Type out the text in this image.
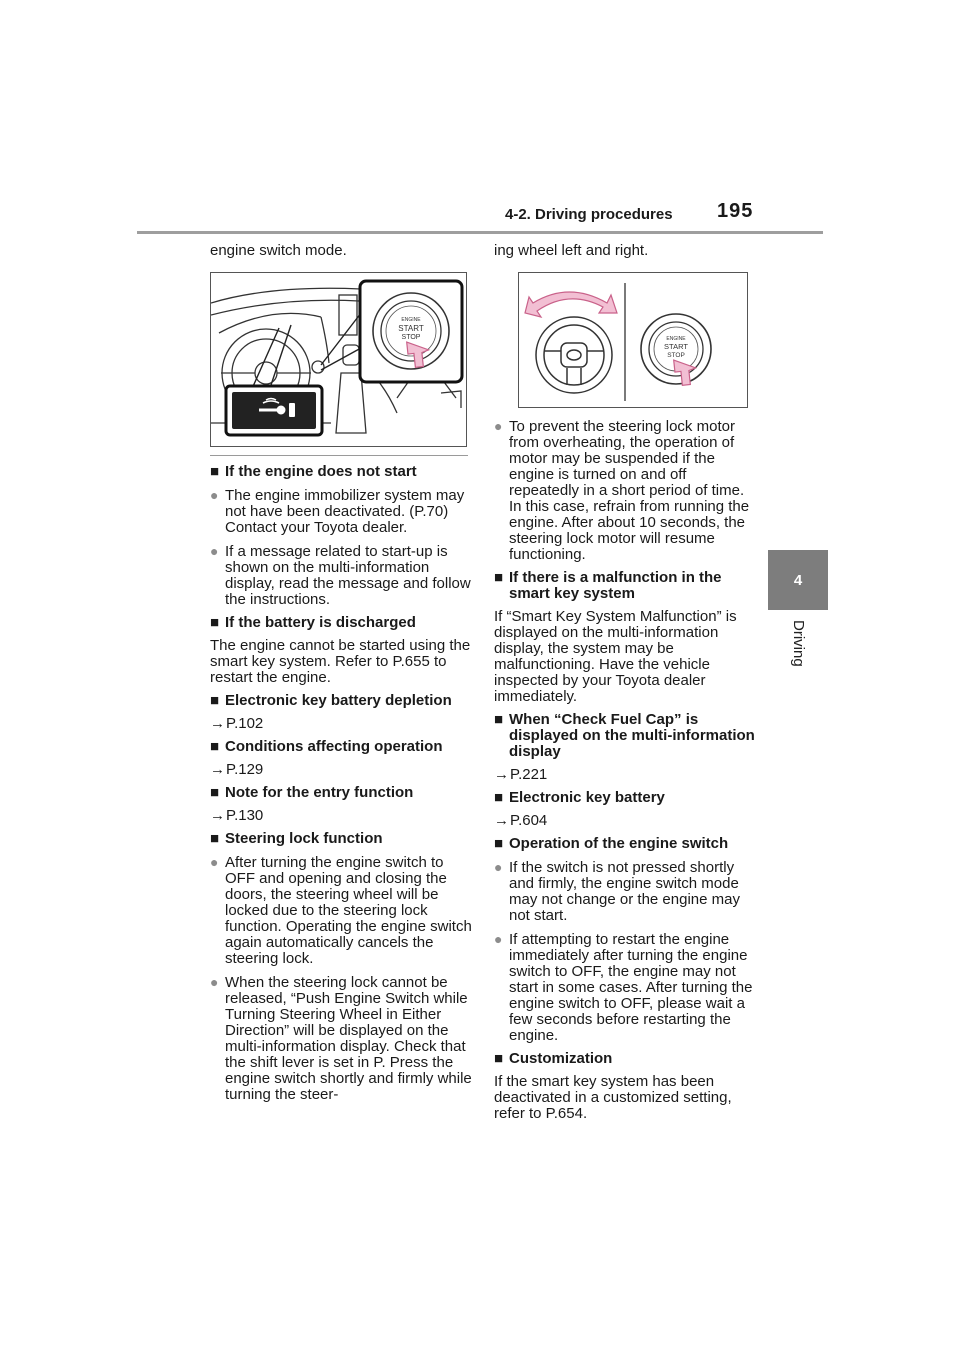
4-2. Driving procedures 195
4
Driving

engine switch mode.

ENGINE
START
STOP

■ If the engine does not start

● The engine immobilizer system may not have been deactivated. (P.70) Contact your Toyota dealer.

● If a message related to start-up is shown on the multi-information display, read the message and follow the instructions.

■ If the battery is discharged

The engine cannot be started using the smart key system. Refer to P.655 to restart the engine.

■ Electronic key battery depletion

→ P.102

■ Conditions affecting operation

→ P.129

■ Note for the entry function

→ P.130

■ Steering lock function

● After turning the engine switch to OFF and opening and closing the doors, the steering wheel will be locked due to the steering lock function. Operating the engine switch again automatically cancels the steering lock.

● When the steering lock cannot be released, “Push Engine Switch while Turning Steering Wheel in Either Direction” will be displayed on the multi-information display. Check that the shift lever is set in P. Press the engine switch shortly and firmly while turning the steer-

ing wheel left and right.

ENGINE
START
STOP

● To prevent the steering lock motor from overheating, the operation of motor may be suspended if the engine is turned on and off repeatedly in a short period of time. In this case, refrain from running the engine. After about 10 seconds, the steering lock motor will resume functioning.

■ If there is a malfunction in the smart key system

If “Smart Key System Malfunction” is displayed on the multi-information display, the system may be malfunctioning. Have the vehicle inspected by your Toyota dealer immediately.

■ When “Check Fuel Cap” is displayed on the multi-information display

→ P.221

■ Electronic key battery

→ P.604

■ Operation of the engine switch

● If the switch is not pressed shortly and firmly, the engine switch mode may not change or the engine may not start.

● If attempting to restart the engine immediately after turning the engine switch to OFF, the engine may not start in some cases. After turning the engine switch to OFF, please wait a few seconds before restarting the engine.

■ Customization

If the smart key system has been deactivated in a customized setting, refer to P.654.
